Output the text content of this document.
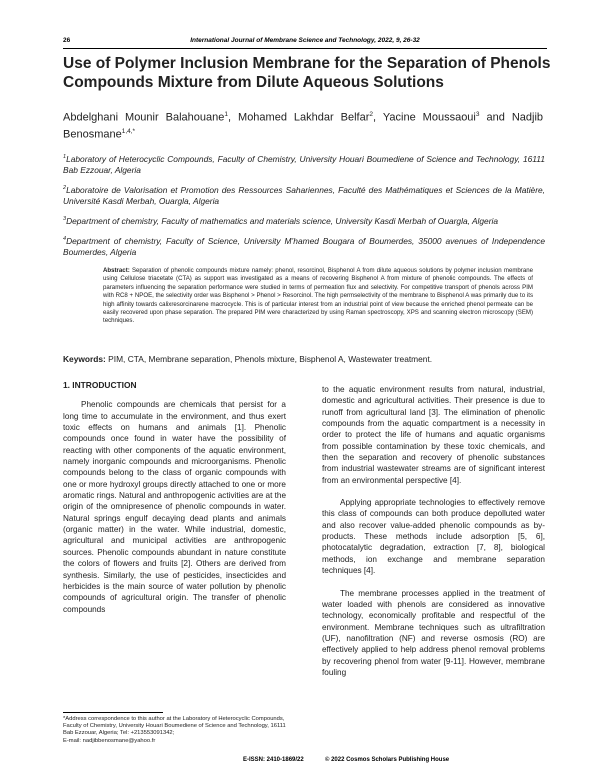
26	International Journal of Membrane Science and Technology, 2022, 9, 26-32
Use of Polymer Inclusion Membrane for the Separation of Phenols Compounds Mixture from Dilute Aqueous Solutions
Abdelghani Mounir Balahouane$^1$, Mohamed Lakhdar Belfar$^2$, Yacine Moussaoui$^3$ and Nadjib Benosmane$^{1,4,*}$

$^1$Laboratory of Heterocyclic Compounds, Faculty of Chemistry, University Houari Boumediene of Science and Technology, 16111 Bab Ezzouar, Algeria

$^2$Laboratoire de Valorisation et Promotion des Ressources Sahariennes, Faculté des Mathématiques et Sciences de la Matière, Université Kasdi Merbah, Ouargla, Algeria

$^3$Department of chemistry, Faculty of mathematics and materials science, University Kasdi Merbah of Ouargla, Algeria

$^4$Department of chemistry, Faculty of Science, University M’hamed Bougara of Boumerdes, 35000 avenues of Independence Boumerdes, Algeria

Abstract: Separation of phenolic compounds mixture namely: phenol, resorcinol, Bisphenol A from dilute aqueous solutions by polymer inclusion membrane using Cellulose triacetate (CTA) as support was investigated as a means of recovering Bisphenol A from mixture of phenolic compounds. The effects of parameters influencing the separation performance were studied in terms of permeation flux and selectivity. For competitive transport of phenols across PIM with RC8 + NPOE, the selectivity order was Bisphenol > Phenol > Resorcinol. The high permselectivity of the membrane to Bisphenol A was primarily due to its high affinity towards calixresorcinarene macrocycle. This is of particular interest from an industrial point of view because the enriched phenol permeate can be easily recovered upon phase separation. The prepared PIM were characterized by using Raman spectroscopy, XPS and scanning electron microscopy (SEM) techniques.
Keywords: PIM, CTA, Membrane separation, Phenols mixture, Bisphenol A, Wastewater treatment.
1. INTRODUCTION

Phenolic compounds are chemicals that persist for a long time to accumulate in the environment, and thus exert toxic effects on humans and animals [1]. Phenolic compounds once found in water have the possibility of reacting with other components of the aquatic environment, namely inorganic compounds and microorganisms. Phenolic compounds belong to the class of organic compounds with one or more hydroxyl groups directly attached to one or more aromatic rings. Natural and anthropogenic activities are at the origin of the omnipresence of phenolic compounds in water. Natural springs engulf decaying dead plants and animals (organic matter) in the water. While industrial, domestic, agricultural and municipal activities are anthropogenic sources. Phenolic compounds abundant in nature constitute the colors of flowers and fruits [2]. Others are derived from synthesis. Similarly, the use of pesticides, insecticides and herbicides is the main source of water pollution by phenolic compounds of agricultural origin. The transfer of phenolic compounds

to the aquatic environment results from natural, industrial, domestic and agricultural activities. Their presence is due to runoff from agricultural land [3]. The elimination of phenolic compounds from the aquatic compartment is a necessity in order to protect the life of humans and aquatic organisms from possible contamination by these toxic chemicals, and then the separation and recovery of phenolic substances from industrial wastewater streams are of significant interest from an environmental perspective [4].

Applying appropriate technologies to effectively remove this class of compounds can both produce depolluted water and also recover value-added phenolic compounds as by-products. These methods include adsorption [5, 6], photocatalytic degradation, extraction [7, 8], biological methods, ion exchange and membrane separation techniques [4].

The membrane processes applied in the treatment of water loaded with phenols are considered as innovative technology, economically profitable and respectful of the environment. Membrane techniques such as ultrafiltration (UF), nanofiltration (NF) and reverse osmosis (RO) are effectively applied to help address phenol removal problems by recovering phenol from water [9-11]. However, membrane fouling

*Address correspondence to this author at the Laboratory of Heterocyclic Compounds, Faculty of Chemistry, University Houari Boumediene of Science and Technology, 16111 Bab Ezzouar, Algeria; Tel: +213553091342;
E-mail: nadjibbenosmane@yahoo.fr
E-ISSN: 2410-1869/22	© 2022 Cosmos Scholars Publishing House
